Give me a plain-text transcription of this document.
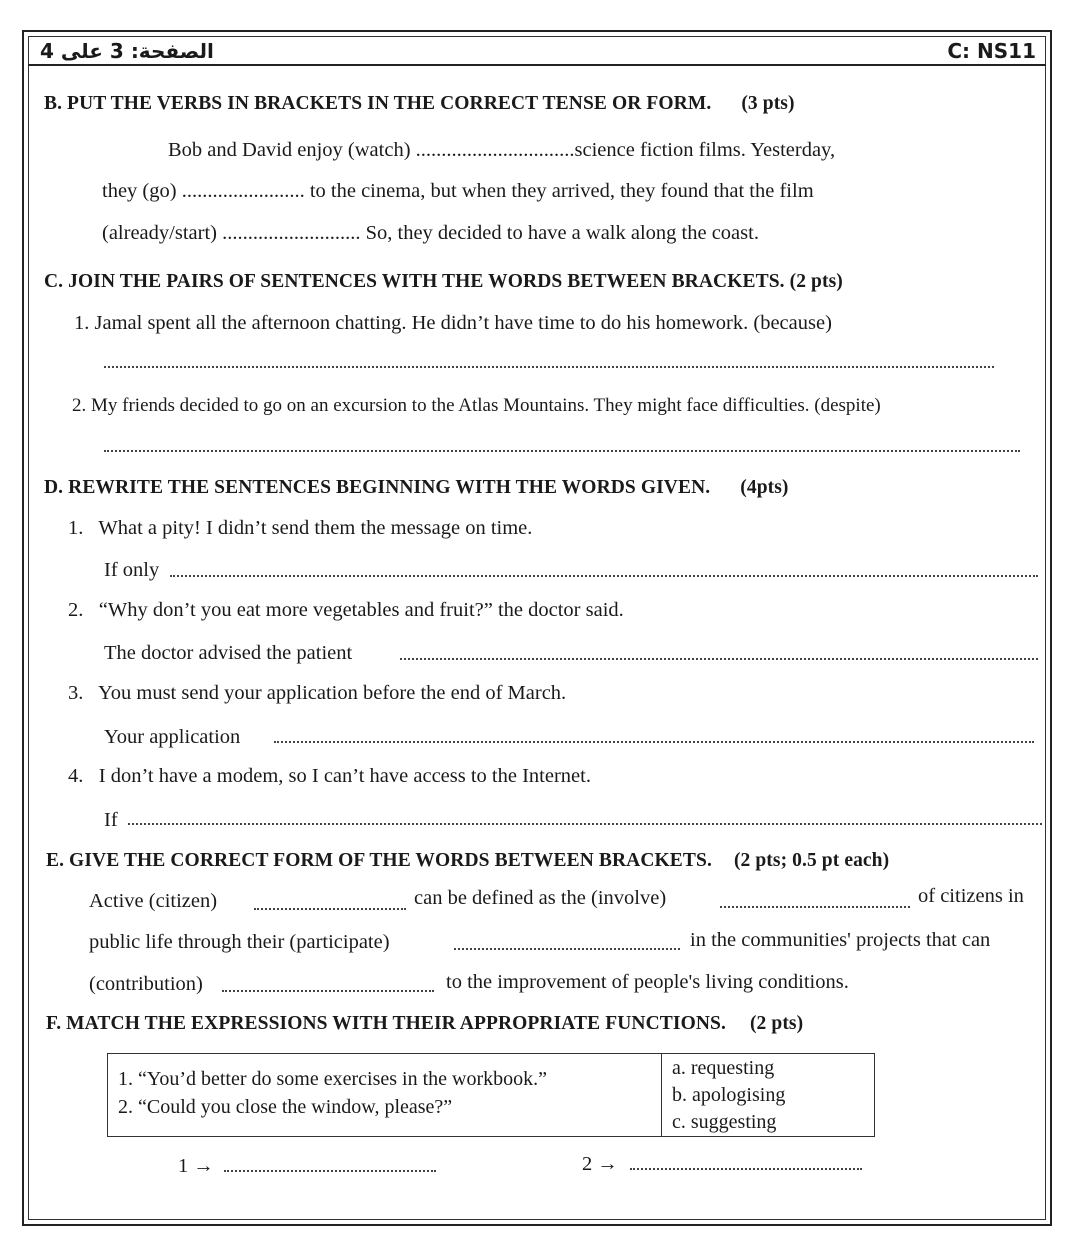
الصفحة: 3 على 4	C: NS11
B. PUT THE VERBS IN BRACKETS IN THE CORRECT TENSE OR FORM. (3 pts)
Bob and David enjoy (watch) ...............................science fiction films. Yesterday,
they (go) ........................ to the cinema, but when they arrived, they found that the film
(already/start) ........................... So, they decided to have a walk along the coast.
C. JOIN THE PAIRS OF SENTENCES WITH THE WORDS BETWEEN BRACKETS. (2 pts)
1. Jamal spent all the afternoon chatting. He didn’t have time to do his homework. (because)
2. My friends decided to go on an excursion to the Atlas Mountains. They might face difficulties. (despite)
D. REWRITE THE SENTENCES BEGINNING WITH THE WORDS GIVEN. (4pts)
1. What a pity! I didn’t send them the message on time.
If only
2. “Why don’t you eat more vegetables and fruit?” the doctor said.
The doctor advised the patient
3. You must send your application before the end of March.
Your application
4. I don’t have a modem, so I can’t have access to the Internet.
If
E. GIVE THE CORRECT FORM OF THE WORDS BETWEEN BRACKETS. (2 pts; 0.5 pt each)
Active (citizen)	can be defined as the (involve)	of citizens in
public life through their (participate)	in the communities' projects that can
(contribution)	to the improvement of people's living conditions.
F. MATCH THE EXPRESSIONS WITH THEIR APPROPRIATE FUNCTIONS. (2 pts)
1. “You’d better do some exercises in the workbook.”
2. “Could you close the window, please?”
a. requesting
b. apologising
c. suggesting
1 →	2 →
